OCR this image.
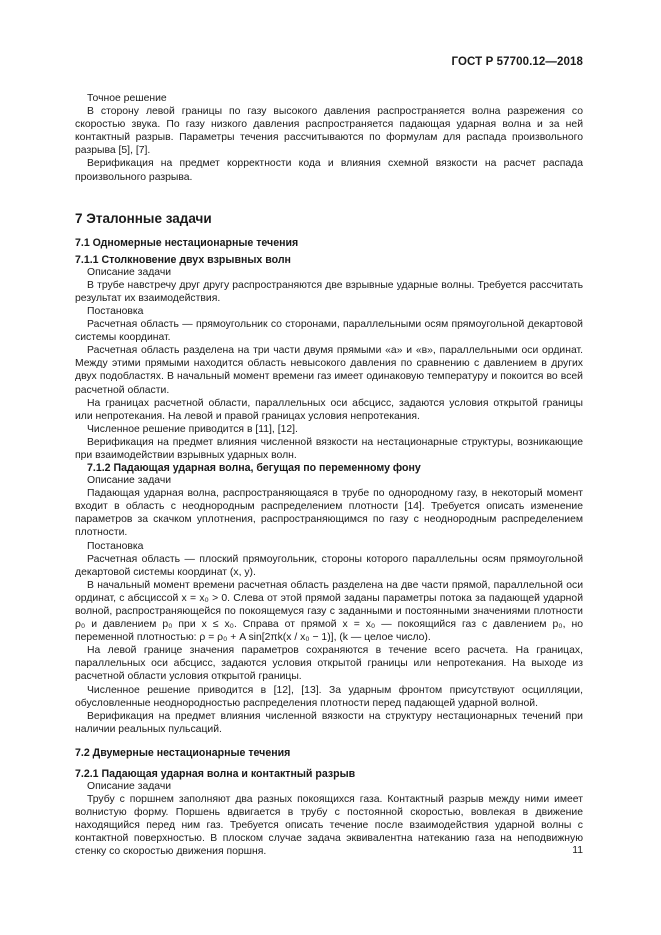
ГОСТ Р 57700.12—2018

Точное решение

В сторону левой границы по газу высокого давления распространяется волна разрежения со скоростью звука. По газу низкого давления распространяется падающая ударная волна и за ней контактный разрыв. Параметры течения рассчитываются по формулам для распада произвольного разрыва [5], [7].

Верификация на предмет корректности кода и влияния схемной вязкости на расчет распада произвольного разрыва.

7 Эталонные задачи
7.1 Одномерные нестационарные течения
7.1.1 Столкновение двух взрывных волн

Описание задачи

В трубе навстречу друг другу распространяются две взрывные ударные волны. Требуется рассчитать результат их взаимодействия.

Постановка

Расчетная область — прямоугольник со сторонами, параллельными осям прямоугольной декартовой системы координат.

Расчетная область разделена на три части двумя прямыми «а» и «в», параллельными оси ординат. Между этими прямыми находится область невысокого давления по сравнению с давлением в других двух подобластях. В начальный момент времени газ имеет одинаковую температуру и покоится во всей расчетной области.

На границах расчетной области, параллельных оси абсцисс, задаются условия открытой границы или непротекания. На левой и правой границах условия непротекания.

Численное решение приводится в [11], [12].

Верификация на предмет влияния численной вязкости на нестационарные структуры, возникающие при взаимодействии взрывных ударных волн.

7.1.2 Падающая ударная волна, бегущая по переменному фону

Описание задачи

Падающая ударная волна, распространяющаяся в трубе по однородному газу, в некоторый момент входит в область с неоднородным распределением плотности [14]. Требуется описать изменение параметров за скачком уплотнения, распространяющимся по газу с неоднородным распределением плотности.

Постановка

Расчетная область — плоский прямоугольник, стороны которого параллельны осям прямоугольной декартовой системы координат (x, y).

В начальный момент времени расчетная область разделена на две части прямой, параллельной оси ординат, с абсциссой x = x₀ > 0. Слева от этой прямой заданы параметры потока за падающей ударной волной, распространяющейся по покоящемуся газу с заданными и постоянными значениями плотности ρ₀ и давлением p₀ при x ≤ x₀. Справа от прямой x = x₀ — покоящийся газ с давлением p₀, но переменной плотностью: ρ = ρ₀ + A sin[2πk(x / x₀ − 1)], (k — целое число).

На левой границе значения параметров сохраняются в течение всего расчета. На границах, параллельных оси абсцисс, задаются условия открытой границы или непротекания. На выходе из расчетной области условия открытой границы.

Численное решение приводится в [12], [13]. За ударным фронтом присутствуют осцилляции, обусловленные неоднородностью распределения плотности перед падающей ударной волной.

Верификация на предмет влияния численной вязкости на структуру нестационарных течений при наличии реальных пульсаций.

7.2 Двумерные нестационарные течения
7.2.1 Падающая ударная волна и контактный разрыв

Описание задачи

Трубу с поршнем заполняют два разных покоящихся газа. Контактный разрыв между ними имеет волнистую форму. Поршень вдвигается в трубу с постоянной скоростью, вовлекая в движение находящийся перед ним газ. Требуется описать течение после взаимодействия ударной волны с контактной поверхностью. В плоском случае задача эквивалентна натеканию газа на неподвижную стенку со скоростью движения поршня.	11
